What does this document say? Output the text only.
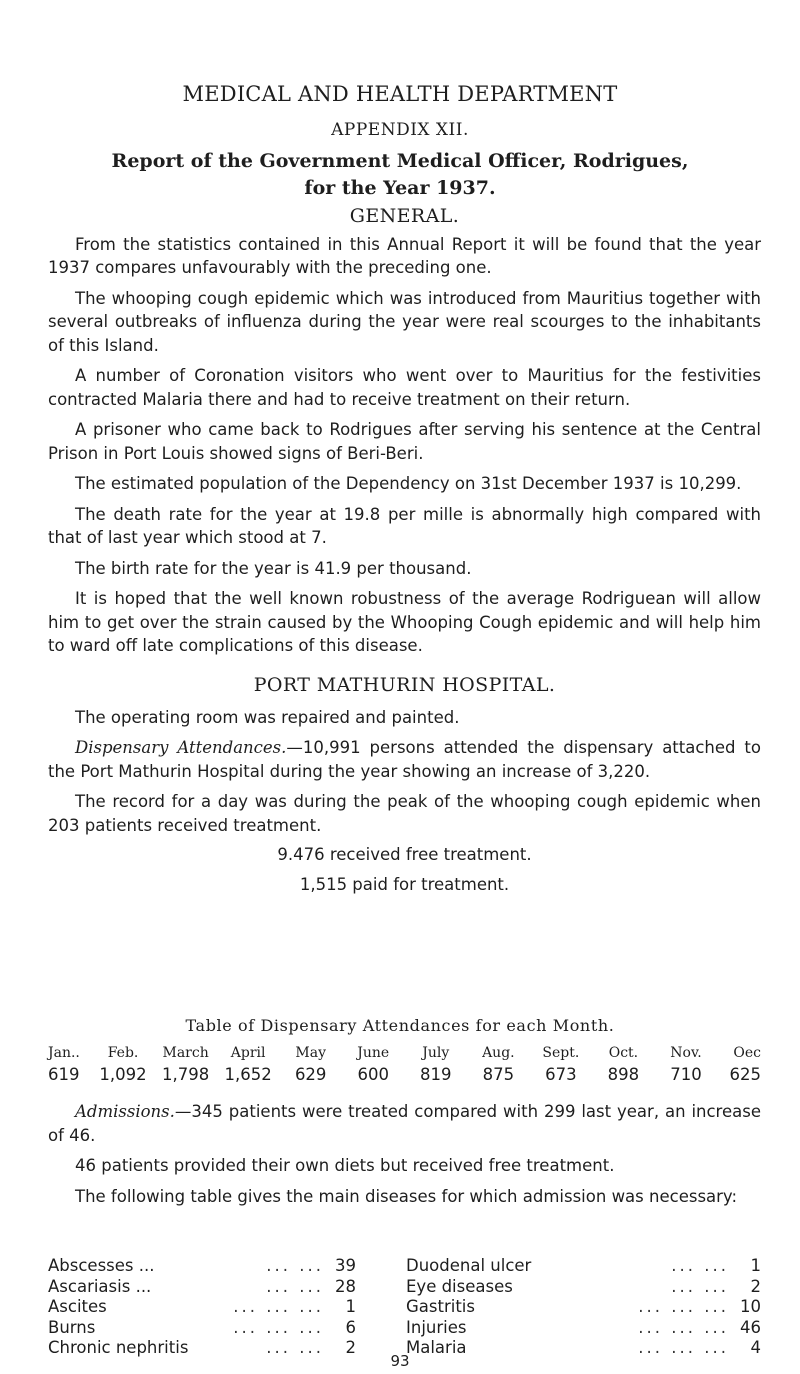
MEDICAL AND HEALTH DEPARTMENT
APPENDIX XII.
Report of the Government Medical Officer, Rodrigues,
for the Year 1937.
GENERAL.

From the statistics contained in this Annual Report it will be found that the year 1937 compares unfavourably with the preceding one.

The whooping cough epidemic which was introduced from Mauritius together with several outbreaks of influenza during the year were real scourges to the inhabitants of this Island.

A number of Coronation visitors who went over to Mauritius for the festivities contracted Malaria there and had to receive treatment on their return.

A prisoner who came back to Rodrigues after serving his sentence at the Central Prison in Port Louis showed signs of Beri-Beri.

The estimated population of the Dependency on 31st December 1937 is 10,299.

The death rate for the year at 19.8 per mille is abnormally high compared with that of last year which stood at 7.

The birth rate for the year is 41.9 per thousand.

It is hoped that the well known robustness of the average Rodriguean will allow him to get over the strain caused by the Whooping Cough epidemic and will help him to ward off late complications of this disease.

PORT MATHURIN HOSPITAL.

The operating room was repaired and painted.

Dispensary Attendances.—10,991 persons attended the dispensary attached to the Port Mathurin Hospital during the year showing an increase of 3,220.

The record for a day was during the peak of the whooping cough epidemic when 203 patients received treatment.

9.476 received free treatment.
1,515 paid for treatment.
Table of Dispensary Attendances for each Month.
Jan..	Feb.	March	April	May	June	July	Aug.	Sept.	Oct.	Nov.	Oec
619	1,092 1,798 1,652	629	600	819	875	673	898	710	625

Admissions.—345 patients were treated compared with 299 last year, an increase of 46.

46 patients provided their own diets but received free treatment.

The following table gives the main diseases for which admission was necessary:

Abscesses ...	... ... 39
Ascariasis ...	... ... 28
Ascites	... ... ...	1
Burns	... ... ...	6
Chronic nephritis	... ...	2
Duodenal ulcer	... ...	1
Eye diseases	... ...	2
Gastritis	... ... ... 10
Injuries	... ... ... 46
Malaria	... ... ...	4
93
